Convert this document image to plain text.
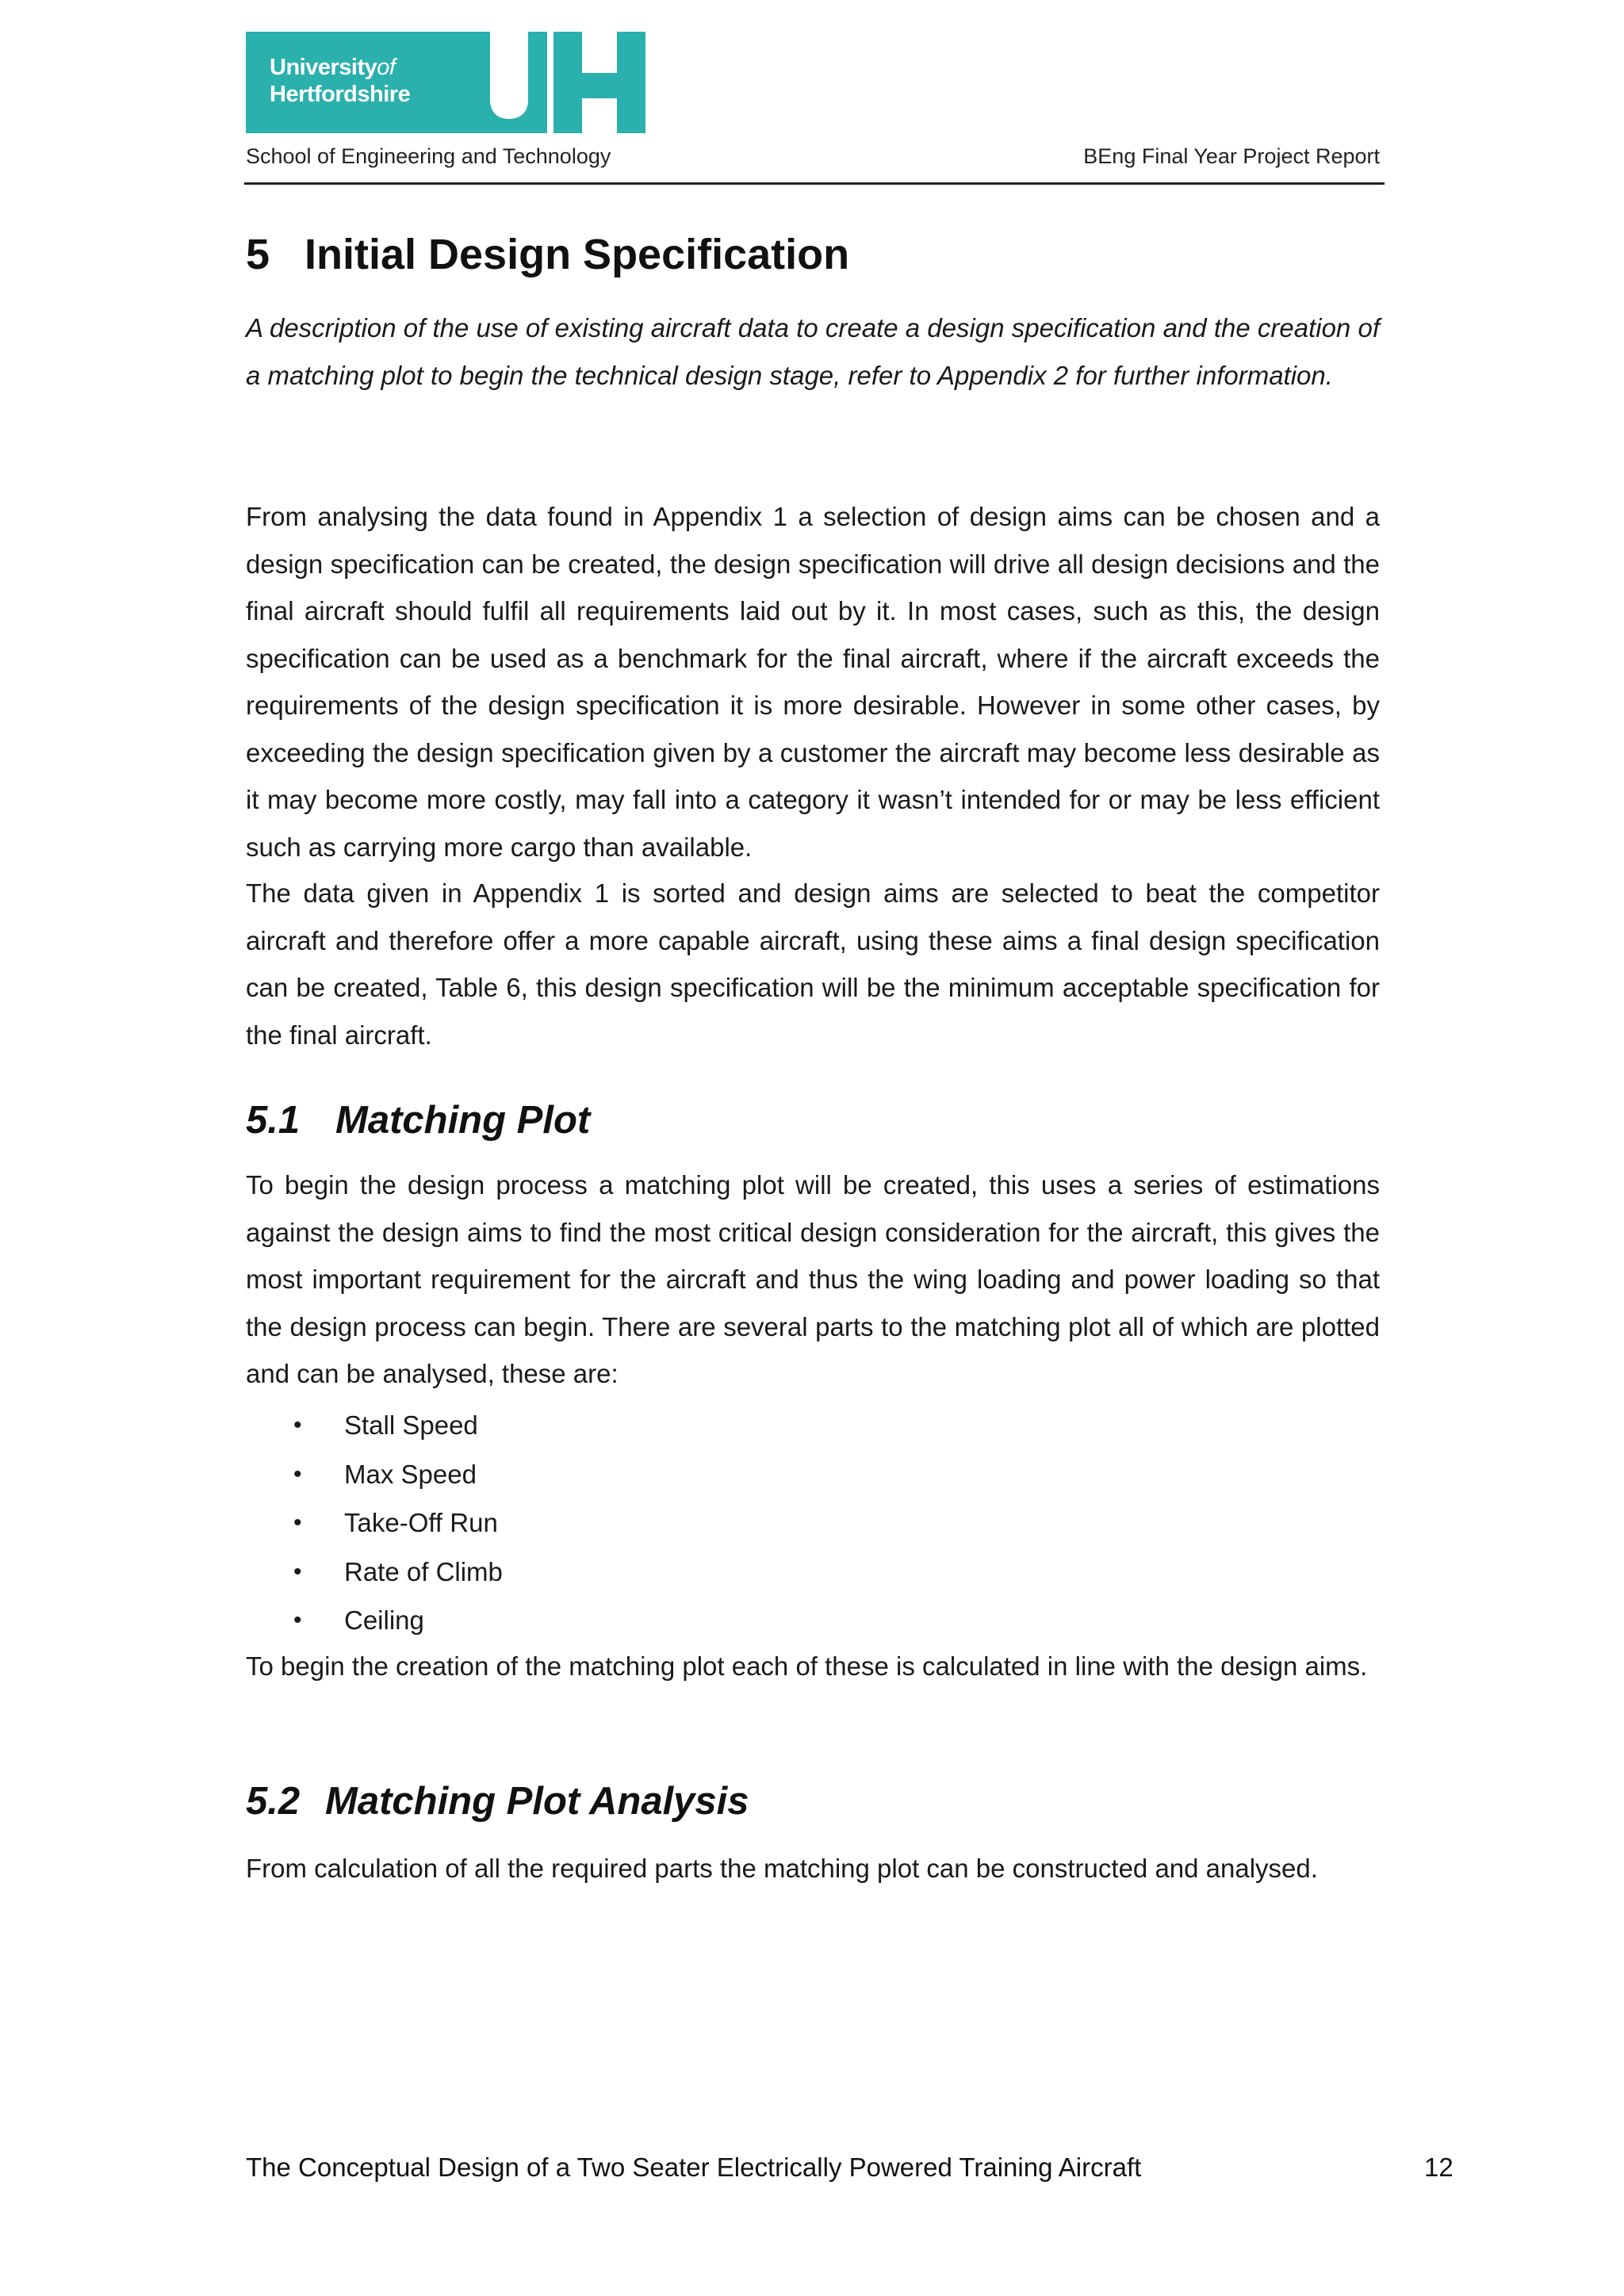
Universityof
Hertfordshire
School of Engineering and Technology	BEng Final Year Project Report
5 Initial Design Specification
A description of the use of existing aircraft data to create a design specification and the creation of a matching plot to begin the technical design stage, refer to Appendix 2 for further information.
From analysing the data found in Appendix 1 a selection of design aims can be chosen and a design specification can be created, the design specification will drive all design decisions and the final aircraft should fulfil all requirements laid out by it. In most cases, such as this, the design specification can be used as a benchmark for the final aircraft, where if the aircraft exceeds the requirements of the design specification it is more desirable. However in some other cases, by exceeding the design specification given by a customer the aircraft may become less desirable as it may become more costly, may fall into a category it wasn’t intended for or may be less efficient such as carrying more cargo than available.
The data given in Appendix 1 is sorted and design aims are selected to beat the competitor aircraft and therefore offer a more capable aircraft, using these aims a final design specification can be created, Table 6, this design specification will be the minimum acceptable specification for the final aircraft.
5.1 Matching Plot
To begin the design process a matching plot will be created, this uses a series of estimations against the design aims to find the most critical design consideration for the aircraft, this gives the most important requirement for the aircraft and thus the wing loading and power loading so that the design process can begin. There are several parts to the matching plot all of which are plotted and can be analysed, these are:
• Stall Speed
• Max Speed
• Take-Off Run
• Rate of Climb
• Ceiling
To begin the creation of the matching plot each of these is calculated in line with the design aims.
5.2 Matching Plot Analysis
From calculation of all the required parts the matching plot can be constructed and analysed.
The Conceptual Design of a Two Seater Electrically Powered Training Aircraft	12
